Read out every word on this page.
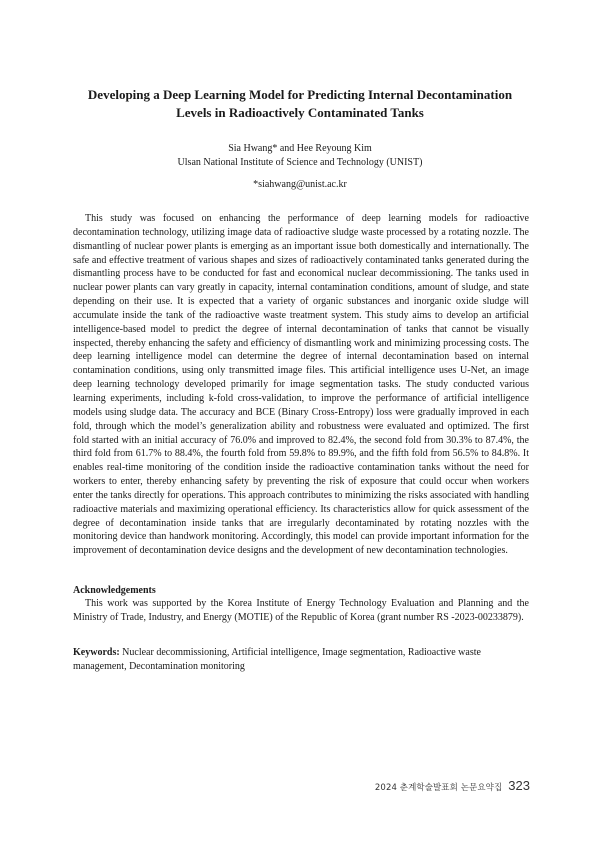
Developing a Deep Learning Model for Predicting Internal Decontamination
Levels in Radioactively Contaminated Tanks
Sia Hwang* and Hee Reyoung Kim
Ulsan National Institute of Science and Technology (UNIST)
*siahwang@unist.ac.kr

This study was focused on enhancing the performance of deep learning models for radioactive decontamination technology, utilizing image data of radioactive sludge waste processed by a rotating nozzle. The dismantling of nuclear power plants is emerging as an important issue both domestically and internationally. The safe and effective treatment of various shapes and sizes of radioactively contaminated tanks generated during the dismantling process have to be conducted for fast and economical nuclear decommissioning. The tanks used in nuclear power plants can vary greatly in capacity, internal contamination conditions, amount of sludge, and state depending on their use. It is expected that a variety of organic substances and inorganic oxide sludge will accumulate inside the tank of the radioactive waste treatment system. This study aims to develop an artificial intelligence-based model to predict the degree of internal decontamination of tanks that cannot be visually inspected, thereby enhancing the safety and efficiency of dismantling work and minimizing processing costs. The deep learning intelligence model can determine the degree of internal decontamination based on internal contamination conditions, using only transmitted image files. This artificial intelligence uses U-Net, an image deep learning technology developed primarily for image segmentation tasks. The study conducted various learning experiments, including k-fold cross-validation, to improve the performance of artificial intelligence models using sludge data. The accuracy and BCE (Binary Cross-Entropy) loss were gradually improved in each fold, through which the model’s generalization ability and robustness were evaluated and optimized. The first fold started with an initial accuracy of 76.0% and improved to 82.4%, the second fold from 30.3% to 87.4%, the third fold from 61.7% to 88.4%, the fourth fold from 59.8% to 89.9%, and the fifth fold from 56.5% to 84.8%. It enables real-time monitoring of the condition inside the radioactive contamination tanks without the need for workers to enter, thereby enhancing safety by preventing the risk of exposure that could occur when workers enter the tanks directly for operations. This approach contributes to minimizing the risks associated with handling radioactive materials and maximizing operational efficiency. Its characteristics allow for quick assessment of the degree of decontamination inside tanks that are irregularly decontaminated by rotating nozzles with the monitoring device than handwork monitoring. Accordingly, this model can provide important information for the improvement of decontamination device designs and the development of new decontamination technologies.

Acknowledgements

This work was supported by the Korea Institute of Energy Technology Evaluation and Planning and the Ministry of Trade, Industry, and Energy (MOTIE) of the Republic of Korea (grant number RS -2023-00233879).

Keywords: Nuclear decommissioning, Artificial intelligence, Image segmentation, Radioactive waste management, Decontamination monitoring

2024 춘계학술발표회 논문요약집 323
